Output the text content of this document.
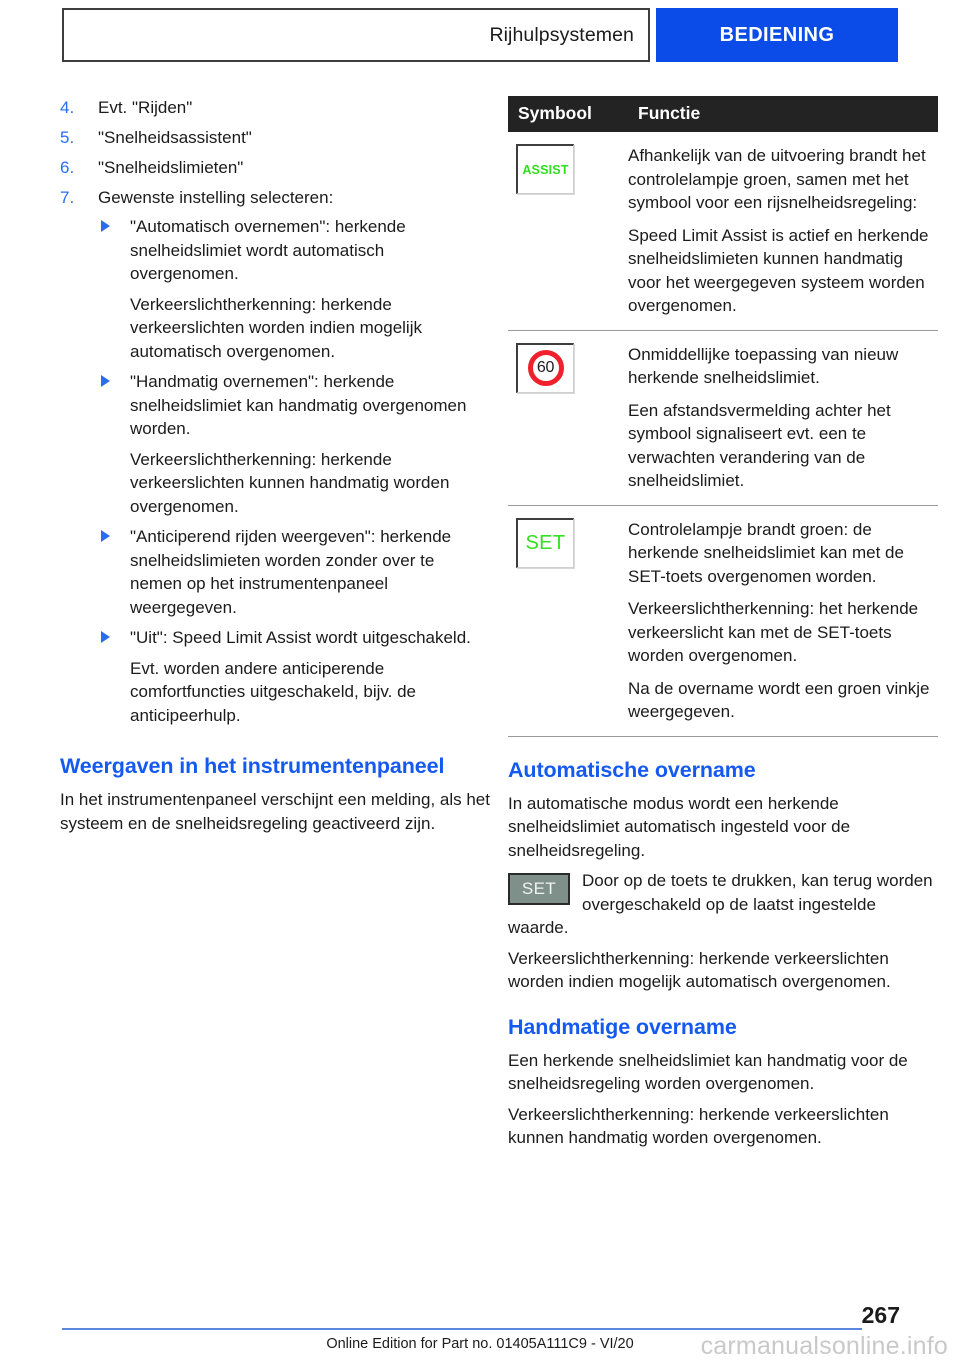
Rijhulpsystemen	BEDIENING
4.	Evt. "Rijden"
5.	"Snelheidsassistent"
6.	"Snelheidslimieten"
7.	Gewenste instelling selecteren:

"Automatisch overnemen": herkende snelheidslimiet wordt automatisch overgenomen.

Verkeerslichtherkenning: herkende verkeerslichten worden indien mogelijk automatisch overgenomen.

"Handmatig overnemen": herkende snelheidslimiet kan handmatig overgenomen worden.

Verkeerslichtherkenning: herkende verkeerslichten kunnen handmatig worden overgenomen.

"Anticiperend rijden weergeven": herkende snelheidslimieten worden zonder over te nemen op het instrumentenpaneel weergegeven.

"Uit": Speed Limit Assist wordt uitgeschakeld.

Evt. worden andere anticiperende comfortfuncties uitgeschakeld, bijv. de anticipeerhulp.

Weergaven in het instrumentenpaneel

In het instrumentenpaneel verschijnt een melding, als het systeem en de snelheidsregeling geactiveerd zijn.

Symbool	Functie

ASSIST	Afhankelijk van de uitvoering brandt het controlelampje groen, samen met het symbool voor een rijsnelheidsregeling:

Speed Limit Assist is actief en herkende snelheidslimieten kunnen handmatig voor het weergegeven systeem worden overgenomen.

60	Onmiddellijke toepassing van nieuw herkende snelheidslimiet.

Een afstandsvermelding achter het symbool signaliseert evt. een te verwachten verandering van de snelheidslimiet.

SET	Controlelampje brandt groen: de herkende snelheidslimiet kan met de SET-toets overgenomen worden.

Verkeerslichtherkenning: het herkende verkeerslicht kan met de SET-toets worden overgenomen.

Na de overname wordt een groen vinkje weergegeven.

Automatische overname

In automatische modus wordt een herkende snelheidslimiet automatisch ingesteld voor de snelheidsregeling.

SET	Door op de toets te drukken, kan terug worden overgeschakeld op de laatst ingestelde waarde.

Verkeerslichtherkenning: herkende verkeerslichten worden indien mogelijk automatisch overgenomen.

Handmatige overname

Een herkende snelheidslimiet kan handmatig voor de snelheidsregeling worden overgenomen.

Verkeerslichtherkenning: herkende verkeerslichten kunnen handmatig worden overgenomen.

267
Online Edition for Part no. 01405A111C9 - VI/20	carmanualsonline.info
